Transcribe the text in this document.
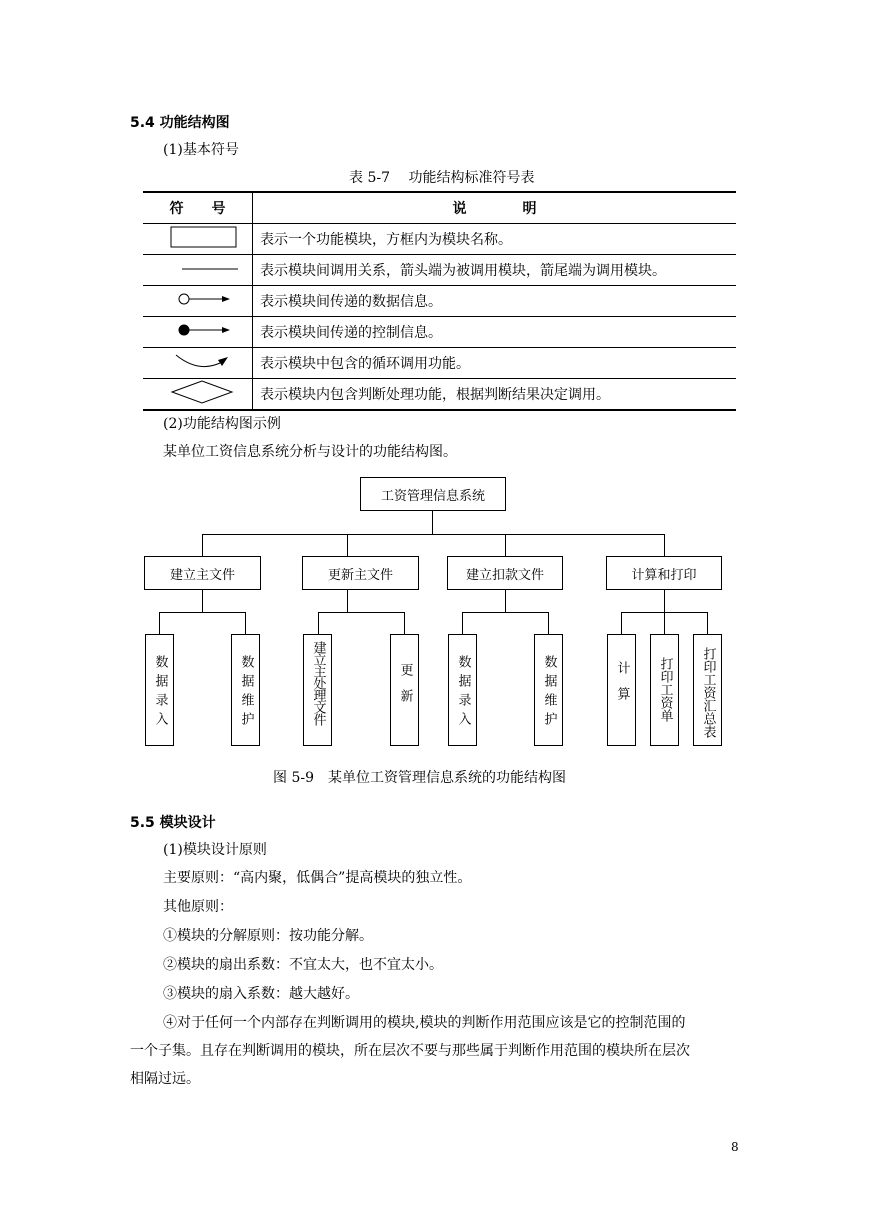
5.4 功能结构图
(1)基本符号
表 5-7　 功能结构标准符号表
符　　号	说　　　　明
	表示一个功能模块，方框内为模块名称。
	表示模块间调用关系，箭头端为被调用模块，箭尾端为调用模块。
	表示模块间传递的数据信息。
	表示模块间传递的控制信息。
	表示模块中包含的循环调用功能。
	表示模块内包含判断处理功能，根据判断结果决定调用。
(2)功能结构图示例
某单位工资信息系统分析与设计的功能结构图。
工资管理信息系统
建立主文件	更新主文件	建立扣款文件	计算和打印
数据录入	数据维护	建立主处理文件	更　新	数据录入	数据维护	计　算 打印工资单 打印工资汇总表
图 5-9　某单位工资管理信息系统的功能结构图
5.5 模块设计
(1)模块设计原则
主要原则：“高内聚，低偶合”提高模块的独立性。
其他原则：
①模块的分解原则：按功能分解。
②模块的扇出系数：不宜太大，也不宜太小。
③模块的扇入系数：越大越好。
④对于任何一个内部存在判断调用的模块,模块的判断作用范围应该是它的控制范围的
一个子集。且存在判断调用的模块，所在层次不要与那些属于判断作用范围的模块所在层次
相隔过远。
8
